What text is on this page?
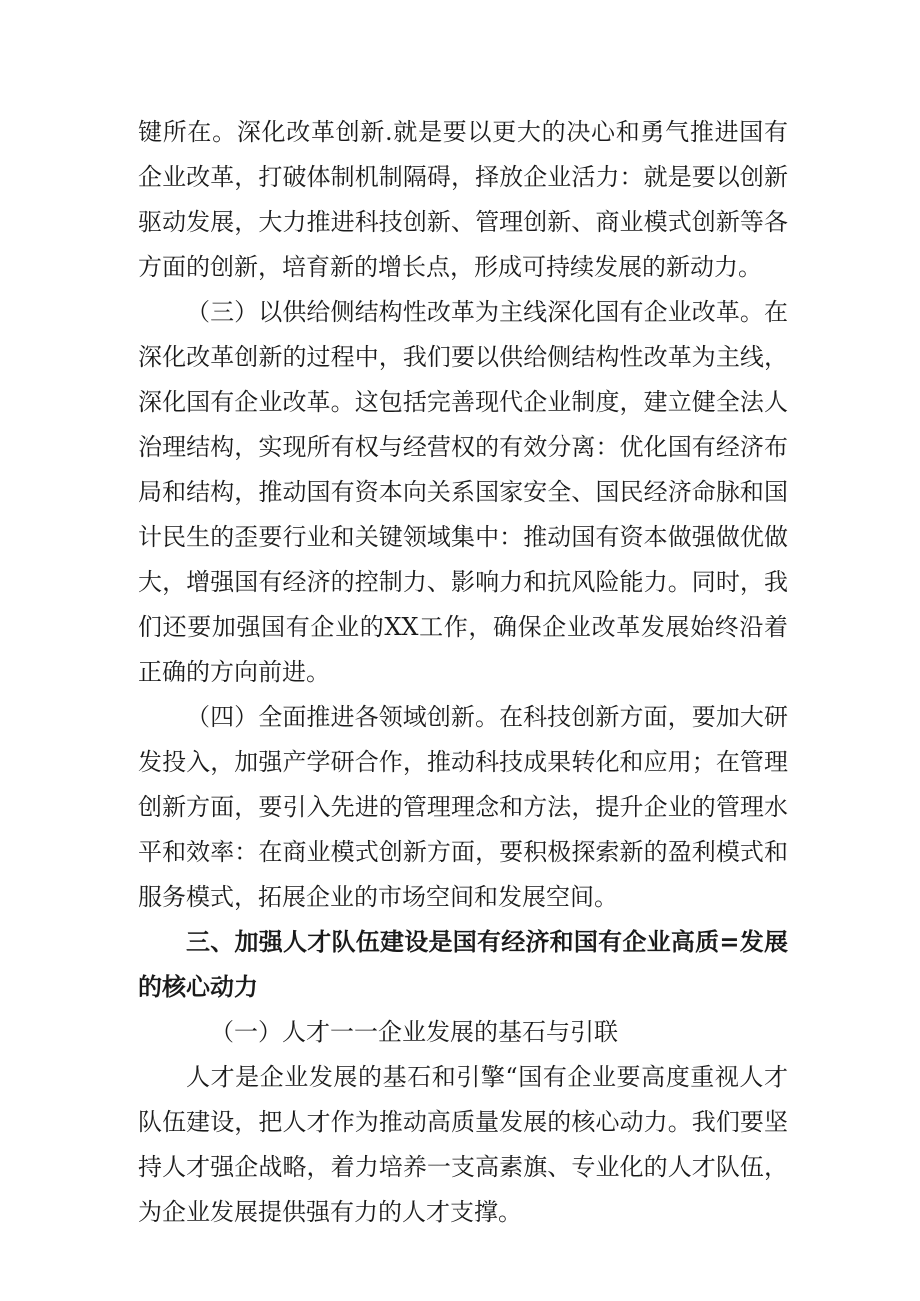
键所在。深化改革创新.就是要以更大的决心和勇气推进国有企业改革，打破体制机制隔碍，择放企业活力：就是要以创新驱动发展，大力推进科技创新、管理创新、商业模式创新等各方面的创新，培育新的增长点，形成可持续发展的新动力。

（三）以供给侧结构性改革为主线深化国有企业改革。在深化改革创新的过程中，我们要以供给侧结构性改革为主线，深化国有企业改革。这包括完善现代企业制度，建立健全法人治理结构，实现所有权与经营权的有效分离：优化国有经济布局和结构，推动国有资本向关系国家安全、国民经济命脉和国计民生的歪要行业和关键领域集中：推动国有资本做强做优做大，增强国有经济的控制力、影响力和抗风险能力。同时，我们还要加强国有企业的XX工作，确保企业改革发展始终沿着正确的方向前进。

（四）全面推进各领域创新。在科技创新方面，要加大研发投入，加强产学研合作，推动科技成果转化和应用；在管理创新方面，要引入先进的管理理念和方法，提升企业的管理水平和效率：在商业模式创新方面，要积极探索新的盈利模式和服务模式，拓展企业的市场空间和发展空间。

三、加强人才队伍建设是国有经济和国有企业高质=发展的核心动力

（一）人才一一企业发展的基石与引联

人才是企业发展的基石和引擎“国有企业要高度重视人才队伍建设，把人才作为推动高质量发展的核心动力。我们要坚持人才强企战略，着力培养一支高素旗、专业化的人才队伍，为企业发展提供强有力的人才支撑。
